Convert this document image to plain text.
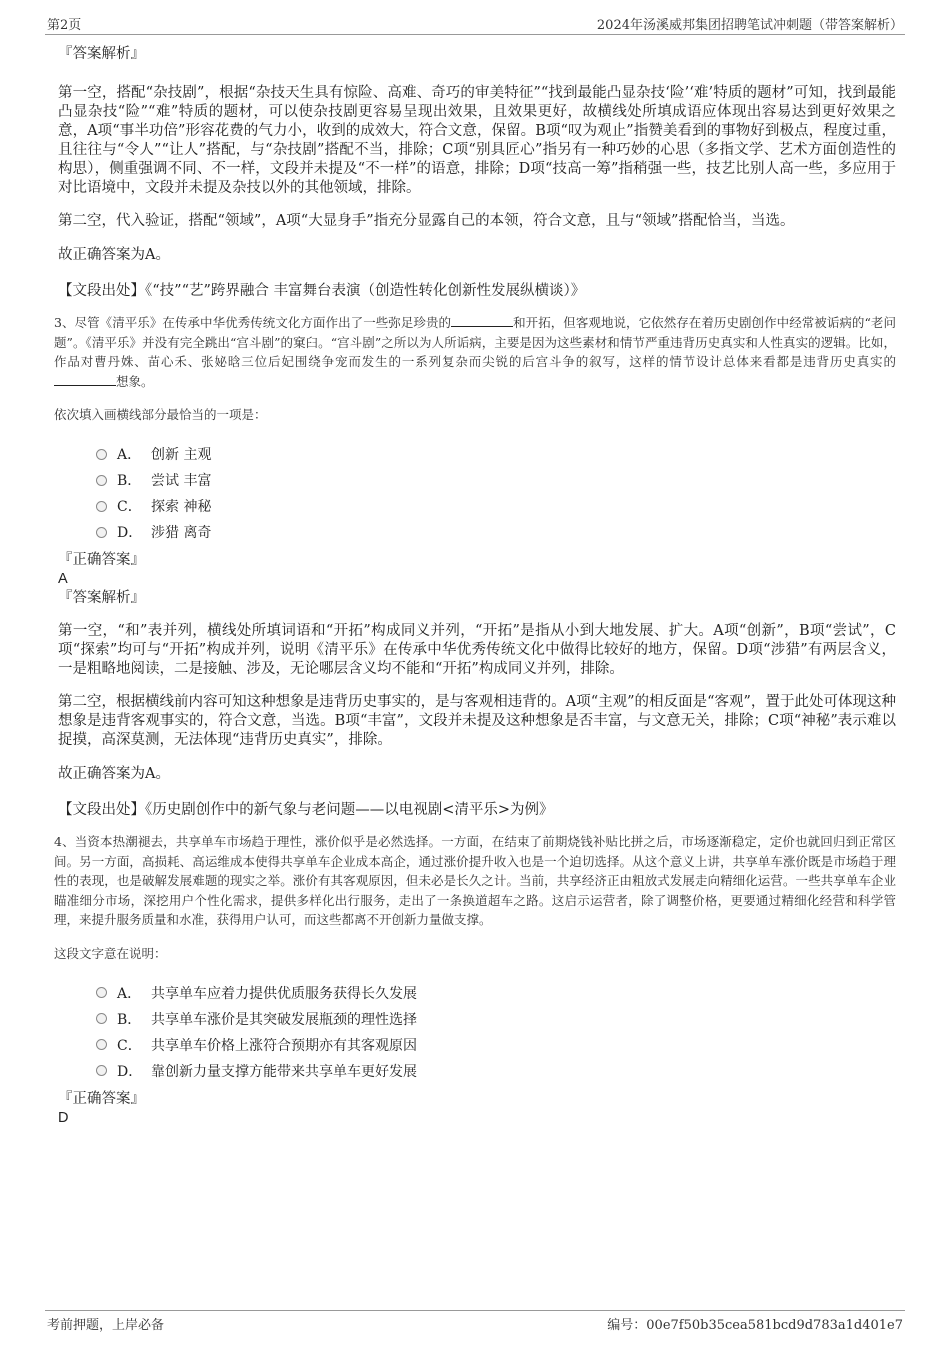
第2页	2024年汤溪威邦集团招聘笔试冲刺题（带答案解析）
『答案解析』

第一空，搭配“杂技剧”，根据“杂技天生具有惊险、高难、奇巧的审美特征”“找到最能凸显杂技‘险’‘难’特质的题材”可知，找到最能凸显杂技“险”“难”特质的题材，可以使杂技剧更容易呈现出效果，且效果更好，故横线处所填成语应体现出容易达到更好效果之意，A项“事半功倍”形容花费的气力小，收到的成效大，符合文意，保留。B项“叹为观止”指赞美看到的事物好到极点，程度过重，且往往与“令人”“让人”搭配，与“杂技剧”搭配不当，排除；C项“别具匠心”指另有一种巧妙的心思（多指文学、艺术方面创造性的构思），侧重强调不同、不一样，文段并未提及“不一样”的语意，排除；D项“技高一筹”指稍强一些，技艺比别人高一些，多应用于对比语境中，文段并未提及杂技以外的其他领域，排除。

第二空，代入验证，搭配“领域”，A项“大显身手”指充分显露自己的本领，符合文意，且与“领域”搭配恰当，当选。

故正确答案为A。

【文段出处】《“技”“艺”跨界融合 丰富舞台表演（创造性转化创新性发展纵横谈）》

3、尽管《清平乐》在传承中华优秀传统文化方面作出了一些弥足珍贵的	和开拓，但客观地说，它依然存在着历史剧创作中经常被诟病的“老问题”。《清平乐》并没有完全跳出“宫斗剧”的窠臼。“宫斗剧”之所以为人所诟病，主要是因为这些素材和情节严重违背历史真实和人性真实的逻辑。比如，作品对曹丹姝、苗心禾、张妼晗三位后妃围绕争宠而发生的一系列复杂而尖锐的后宫斗争的叙写，这样的情节设计总体来看都是违背历史真实的想象。

依次填入画横线部分最恰当的一项是：
A． 创新 主观
B． 尝试 丰富
C． 探索 神秘
D． 涉猎 离奇

『正确答案』

A

『答案解析』

第一空，“和”表并列，横线处所填词语和“开拓”构成同义并列，“开拓”是指从小到大地发展、扩大。A项“创新”，B项“尝试”，C项“探索”均可与“开拓”构成并列，说明《清平乐》在传承中华优秀传统文化中做得比较好的地方，保留。D项“涉猎”有两层含义，一是粗略地阅读，二是接触、涉及，无论哪层含义均不能和“开拓”构成同义并列，排除。

第二空，根据横线前内容可知这种想象是违背历史事实的，是与客观相违背的。A项“主观”的相反面是“客观”，置于此处可体现这种想象是违背客观事实的，符合文意，当选。B项“丰富”，文段并未提及这种想象是否丰富，与文意无关，排除；C项“神秘”表示难以捉摸，高深莫测，无法体现“违背历史真实”，排除。

故正确答案为A。

【文段出处】《历史剧创作中的新气象与老问题——以电视剧<清平乐>为例》

4、当资本热潮褪去，共享单车市场趋于理性，涨价似乎是必然选择。一方面，在结束了前期烧钱补贴比拼之后，市场逐渐稳定，定价也就回归到正常区间。另一方面，高损耗、高运维成本使得共享单车企业成本高企，通过涨价提升收入也是一个迫切选择。从这个意义上讲，共享单车涨价既是市场趋于理性的表现，也是破解发展难题的现实之举。涨价有其客观原因，但未必是长久之计。当前，共享经济正由粗放式发展走向精细化运营。一些共享单车企业瞄准细分市场，深挖用户个性化需求，提供多样化出行服务，走出了一条换道超车之路。这启示运营者，除了调整价格，更要通过精细化经营和科学管理，来提升服务质量和水准，获得用户认可，而这些都离不开创新力量做支撑。

这段文字意在说明：
A． 共享单车应着力提供优质服务获得长久发展
B． 共享单车涨价是其突破发展瓶颈的理性选择
C． 共享单车价格上涨符合预期亦有其客观原因
D． 靠创新力量支撑方能带来共享单车更好发展

『正确答案』

D

考前押题，上岸必备	编号：00e7f50b35cea581bcd9d783a1d401e7
